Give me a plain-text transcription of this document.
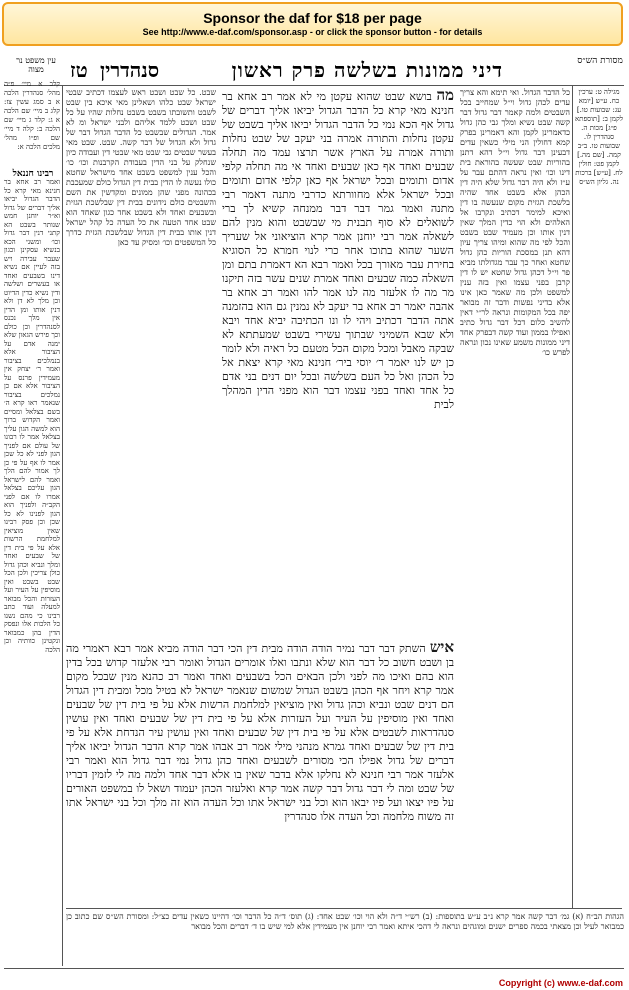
Sponsor the daf for $18 per page
See http://www.e-daf.com/sponsor.asp - or click the sponsor button - for details
מסורת הש״ס
דיני ממונות בשלשה פרק ראשון
סנהדרין
טז
עין משפט נר מצוה
קלב א מיי׳ פ״ה מהל׳ סנהדרין הלכה א ב סמג עשין צז: קלג ב מיי׳ שם הלכה א ג: קלד ג מיי׳ שם הלכה ב: קלה ד מיי׳ שם ופ״ו מהל׳ מלכים הלכה א:
רבינו חננאל
ואמר רב אחא בר חנינא מאי קרא כל הדבר הגדול יביאו אליך דברים של גדול וא״ר יוחנן חמש שנותר בשבט הא קתני דנין דבר גדול וכו׳ ומשני הכא בנשיא עסקינן וכגון שעבר עבירה ויש בזה לעיין אם נשיא דינו בשבעים ואחד או בעשרים ושלשה ודין נשיא כדין הדיוט וכן מלך לא דן ולא דנין אותו ומן הדין אין מלך נכנס לסנהדרין וכן כולם וכך פירש הגאון שלא ימנה אדם על הציבור אלא בנמלכים בציבור ואמר ר׳ יצחק אין מעמידין פרנס על הציבור אלא אם כן נמלכים בציבור שנאמר ראו קרא ה׳ בשם בצלאל ומסיים ואמר הקדוש ברוך הוא למשה הגון עליך בצלאל אמר לו רבונו של עולם אם לפניך הגון לפני לא כל שכן אמר לו אף על פי כן לך אמור להם הלך ואמר להם לישראל הגון עליכם בצלאל אמרו לו אם לפני הקב״ה ולפניך הוא הגון לפנינו לא כל שכן וכן פסק רבינו שאין מוציאין למלחמת הרשות אלא על פי בית דין של שבעים ואחד ומלך ונביא וכהן גדול כולן צריכין ולכן הכל שבט בשבט ואין מוסיפין על העיר ועל העזרות והכל מבואר למעלה ועוד כתב רבינו כי מהם נשנו כל הלכות אלו ונפסק הדין בהן כמבואר ונקטינן כוותיה וכן הלכה
שבט. כל שבט ושבט ראש לעצמו דכתיב שבטי ישראל שבט כלהו ושאלינן מאי איכא בין שבט לשבט ותשובתו בשבט בשבט נחלות שהיו על כל שבט ושבט ללמד אליהם ולבני ישראל ומ לא אמר. הגדולים שבשבט כל הדבר הגדול דבר של גדול ולא הגדול של דבר קשה. שבט. שבט מאי בעשר שבטים גבי שבט מאי שבטי דין ועבודה כיון שנחלק על בני הדין בעבודת הקרבנות וכו׳ כו׳ והכל ענין למשפט בשבט אחד מישראל שחטא כולו נעשה לו הדין בבית דין הגדול כולם שמעכבת בכהונה מפני שהן ממונים ומקדשין את השם והשבטים כולם נידונים בבית דין שבלשכת הגזית ובשבעים ואחד ולא בשבט אחד כגון שאחד הוא שבט אחד הטעה את כל העדה כל קהל ישראל דנין אותו בבית דין הגדול שבלשכת הגזית כדרך כל המשפטים וכו׳ ומסיק עד כאן
מה בושא שבט שהוא עקטן מי לא אמר רב אחא בר חנינא מאי קרא כל הדבר הגדול יביאו אליך דברים של גדול אף הכא נמי כל הדבר הגדול יביאו אליך בשבט של עקטן נחלות והתורה אמרה בני יעקב של שבט נחלות ותורה אמרה על הארץ אשר תרצו עמד מה תחלה שבעים ואחד אף כאן שבעים ואחד אי מה תחלה קלפי אדום ותומים ובכל ישראל אף כאן קלפי אדום ותומים ובכל ישראל אלא מחוורתא כדרבי מתנה דאמר רבי מתנה ואמר גמר דבר דבר ממנחה קשיא לך ברי לשואלים לא סוף תבנית מי שבשבט והוא מנין להם לשאלה אמר רבי יוחנן אמר קרא הוציאוני אל שעריך השער שהוא בתוכו אחר כרי לנוי חמרא כל הסוגיא בחירת עבר מאורך בכל ואמר רבא הא דאמרת בתם ומן השאלה כמה שבעים ואחד אמרת שנים עשר בזה תיקנו מר מה לו אלעזר מה לנו אמר להו ואמר רב אחא בר אהבה יאמר רב אחא בר יעקב לא נמנין גם הוא בהזמנה אתה הדבר דכתיב ויהי לו ונו הכתיבה יביא אחד ויבא ולא שבא השמיני שבתוך עשירי בשבט שמעתתא לא שבקה מאבל ומכל מקום הכל מטעם כל ראיה ולא לומר כן יש לנו יאמר ר׳ יוסי ביר׳ חנינא מאי קרא יצאת אל כל הכהן ואל כל העם בשלשה ובכל יום דנים בני אדם כל אחד ואחד בפני עצמו דבר הוא מפני הדין המהלך לבית
איש השתק דבר דבר נמיר הודה הודה מבית דין הכי דבר הודה מביא אמר רבא ראמרי מה בן ושבט חשוב כל דבר הוא שלא ונתבו ואלו אומרים הגדול ואומר רבי אלעזר קדוש בכל בדין הוא בהם ואיכו מה לפני ולכן הבאים הכל בשבעים ואחד ואמר רב כהנא מנין שבכל מקום אמר קרא ויחר אף הכהן בשבט הגדול שמשום שנאמר ישראל לא בטיל מכל ומבית דין הגדול הם דנים שבט ונביא וכהן גדול ואין מוציאין למלחמת הרשות אלא על פי בית דין של שבעים ואחד ואין מוסיפין על העיר ועל העזרות אלא על פי בית דין של שבעים ואחד ואין עושין סנהדראות לשבטים אלא על פי בית דין של שבעים ואחד ואין עושין עיר הנדחת אלא על פי בית דין של שבעים ואחד גמרא מנהני מילי אמר רב אבהו אמר קרא הדבר הגדול יביאו אליך דברים של גדול אפילו הכי מסורים לשבעים ואחד כהן גדול נמי דבר גדול הוא ואמר רבי אלעזר אמר רבי חנינא לא נחלקו אלא בדבר שאין בו אלא דבר אחד ולמה מה לי לזמין דבריו של שבט ומה לי דבר גדול דבר קשה אמר קרא ואלעזר הכהן יעמוד ושאל לו במשפט האורים על פיו יצאו ועל פיו יבאו הוא וכל בני ישראל אתו וכל העדה הוא זה מלך וכל בני ישראל אתו זה משוח מלחמה וכל העדה אלו סנהדרין
כל הדבר הגדול. ואי תימא והא צריך עדים לכהן גדול וי״ל שמחייב בכל השבטים ולמה קאמר דבר גדול דבר קשה שבט נשיא ומלך גבי כהן גדול כדאמרינן לקמן והא דאמרינן בפרק קמא דחולין הני מילי כשאין עדים דבעינן דבר גדול וי״ל דהא דתנן בהוריות שבט שעשה בהוראת בית דינו וכו׳ ואין נראה דהתם עבר על ע״ז ולא היה דבר גדול שלא היה דין הכהן אלא בשבט אחד שהיה בלשכת הגזית מקום שנעשה בו דין ואיכא למימר דכתיב ונקרבו אל האלהים ולא הוי כדין המלך שאין דנין אותו וכן מעמיד שבט בשבט והכל לפי מה שהוא ומיהו צריך עיון דהא תנן במסכת הוריות כהן גדול שחטא ואחר כך עבר מגדולתו מביא פר וי״ל דכהן גדול שחטא יש לו דין קרבן בפני עצמו ואין בזה ענין למשפט ולכן מה שאמר כאן אינו אלא בדיני נפשות ודבר זה מבואר יפה בכל המקומות ונראה לר״י דאין להשיב כלום דכל דבר גדול כתיב ואפילו בממון ועוד קשה דבפרק אחד דיני ממונות משמע שאינו נכון ונראה לפרש כו׳
מגילה ט: ערכין כח. ע״ש [יומא עג: שבועות טו.] לקמן ב: [תוספתא פ״ג] מכות ה. סנהדרין לו. שבועות טו. ב״ב קמה. [שם מה.] לקמן פט: חולין לח. [ע״ש] ברכות נה. גליון הש״ס
הגהות הב״ח (א) גמ׳ דבר קשה אמר קרא נ״ב ע״ש בתוספות: (ב) רש״י ד״ה ולא הוי וכו׳ שבט אחד: (ג) תוס׳ ד״ה כל הדבר וכו׳ דהיינו כשאין עדים כצ״ל: ומסורת הש״ס שם כתוב כן כמבואר לעיל וכן מצאתי בכמה ספרים ישנים ומוגהים ונראה לי דהכי איתא ואמר רבי יוחנן אין מעמידין אלא למי שיש בו ד׳ דברים והכל מבואר
Copyright (c) www.e-daf.com
